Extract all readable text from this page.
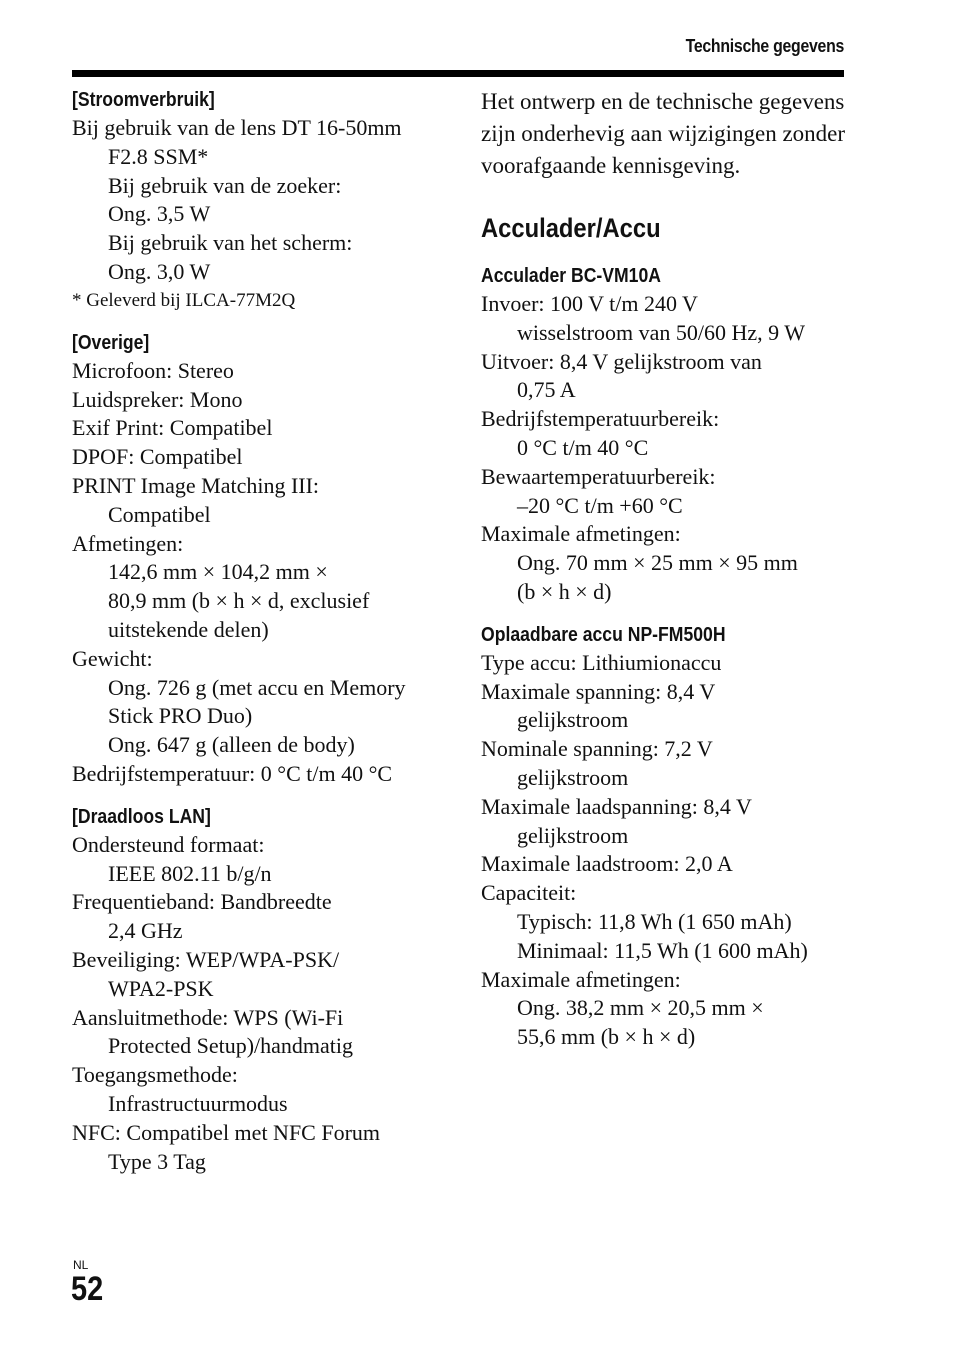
Technische gegevens

[Stroomverbruik]

Bij gebruik van de lens DT 16-50mm

F2.8 SSM*

Bij gebruik van de zoeker:

Ong. 3,5 W

Bij gebruik van het scherm:

Ong. 3,0 W

* Geleverd bij ILCA-77M2Q

[Overige]

Microfoon: Stereo

Luidspreker: Mono

Exif Print: Compatibel

DPOF: Compatibel

PRINT Image Matching III:

Compatibel

Afmetingen:

142,6 mm × 104,2 mm ×

80,9 mm (b × h × d, exclusief

uitstekende delen)

Gewicht:

Ong. 726 g (met accu en Memory

Stick PRO Duo)

Ong. 647 g (alleen de body)

Bedrijfstemperatuur: 0 °C t/m 40 °C

[Draadloos LAN]

Ondersteund formaat:

IEEE 802.11 b/g/n

Frequentieband: Bandbreedte

2,4 GHz

Beveiliging: WEP/WPA-PSK/

WPA2-PSK

Aansluitmethode: WPS (Wi-Fi

Protected Setup)/handmatig

Toegangsmethode:

Infrastructuurmodus

NFC: Compatibel met NFC Forum

Type 3 Tag

Het ontwerp en de technische gegevens zijn onderhevig aan wijzigingen zonder voorafgaande kennisgeving.

Acculader/Accu

Acculader BC-VM10A

Invoer: 100 V t/m 240 V

wisselstroom van 50/60 Hz, 9 W

Uitvoer: 8,4 V gelijkstroom van

0,75 A

Bedrijfstemperatuurbereik:

0 °C t/m 40 °C

Bewaartemperatuurbereik:

–20 °C t/m +60 °C

Maximale afmetingen:

Ong. 70 mm × 25 mm × 95 mm

(b × h × d)

Oplaadbare accu NP-FM500H

Type accu: Lithiumionaccu

Maximale spanning: 8,4 V

gelijkstroom

Nominale spanning: 7,2 V

gelijkstroom

Maximale laadspanning: 8,4 V

gelijkstroom

Maximale laadstroom: 2,0 A

Capaciteit:

Typisch: 11,8 Wh (1 650 mAh)

Minimaal: 11,5 Wh (1 600 mAh)

Maximale afmetingen:

Ong. 38,2 mm × 20,5 mm ×

55,6 mm (b × h × d)

NL
52
